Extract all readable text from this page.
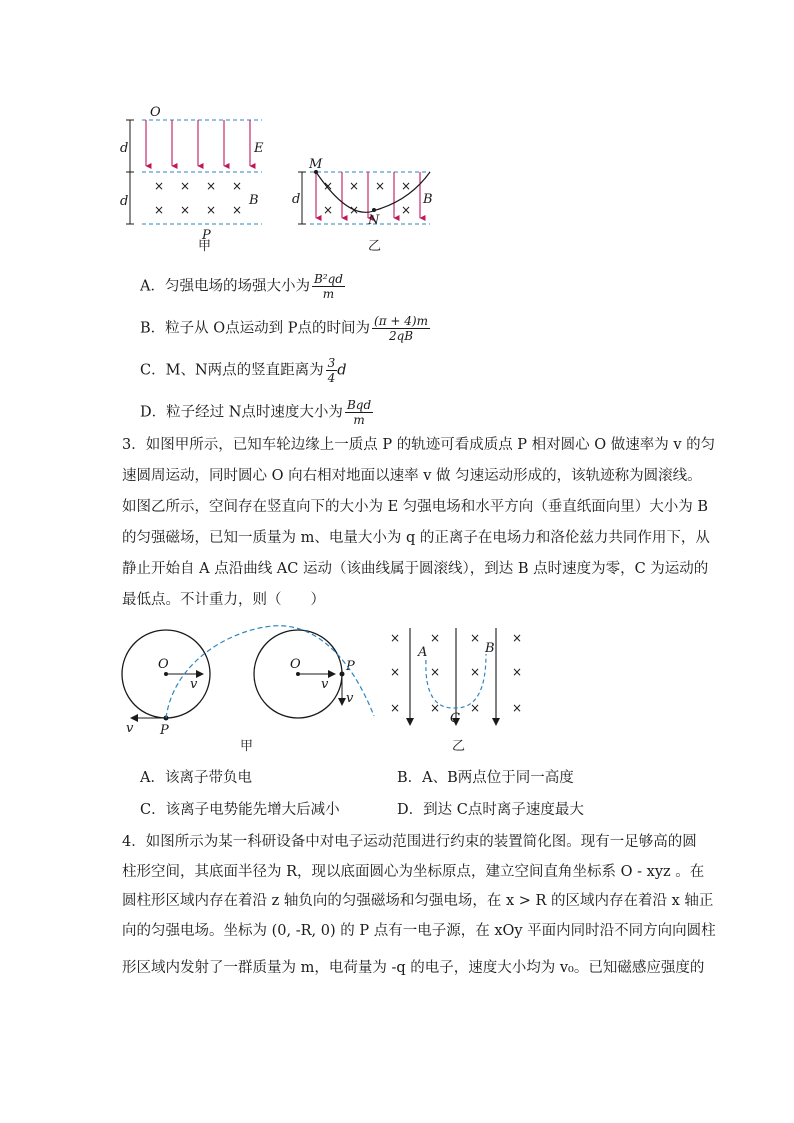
d
d
O
E
B
P
× × × ×
× × × ×
甲
d
M
N
B
× × × ×
× ×	×
乙
A．匀强电场的场强大小为 $\frac{\text{B²qd}}{m}$
B．粒子从 O点运动到 P点的时间为 $\frac{(\pi + 4)m}{2qB}$
C．M、N两点的竖直距离为 $\frac{3}{4}$ d
D．粒子经过 N点时速度大小为 $\frac{\text{Bqd}}{m}$
3．如图甲所示，已知车轮边缘上一质点 P 的轨迹可看成质点 P 相对圆心 O 做速率为 v 的匀
速圆周运动，同时圆心 O 向右相对地面以速率 v 做 匀速运动形成的，该轨迹称为圆滚线。
如图乙所示，空间存在竖直向下的大小为 E 匀强电场和水平方向（垂直纸面向里）大小为 B
的匀强磁场，已知一质量为 m、电量大小为 q 的正离子在电场力和洛伦兹力共同作用下，从
静止开始自 A 点沿曲线 AC 运动（该曲线属于圆滚线），到达 B 点时速度为零，C 为运动的
最低点。不计重力，则（　　）
O
v
v P
O
v
v
P
甲
× × ×	×
× × ×	×
× × ×	×
A	B
C
乙
A．该离子带负电	B．A、B两点位于同一高度
C．该离子电势能先增大后减小	D．到达 C点时离子速度最大
4．如图所示为某一科研设备中对电子运动范围进行约束的装置简化图。现有一足够高的圆
柱形空间，其底面半径为 R，现以底面圆心为坐标原点，建立空间直角坐标系 O - xyz 。在
圆柱形区域内存在着沿 z 轴负向的匀强磁场和匀强电场，在 x > R 的区域内存在着沿 x 轴正
向的匀强电场。坐标为 (0, -R, 0) 的 P 点有一电子源，在 xOy 平面内同时沿不同方向向圆柱
形区域内发射了一群质量为 m，电荷量为 -q 的电子，速度大小均为 v₀。已知磁感应强度的
